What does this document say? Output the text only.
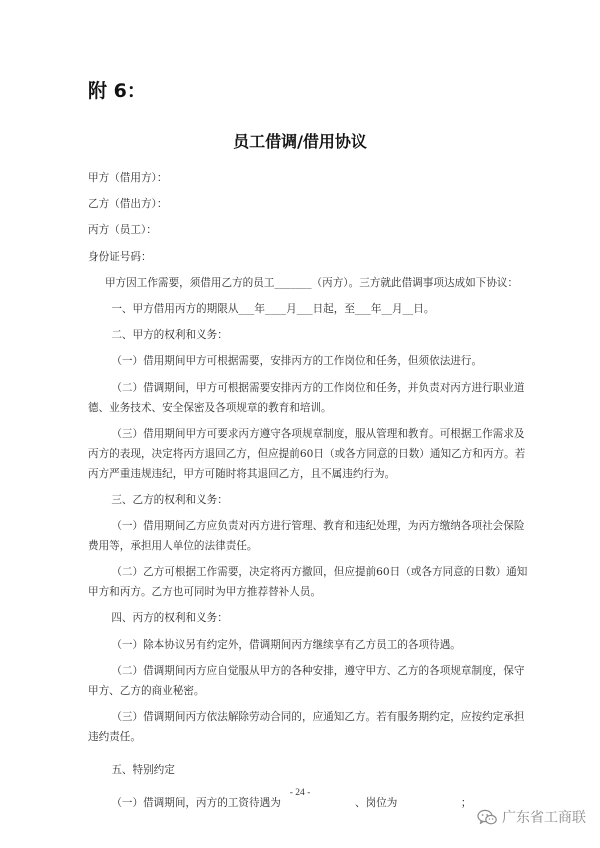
附 6：
员工借调/借用协议

甲方（借用方）：

乙方（借出方）：

丙方（员工）：

身份证号码：

甲方因工作需要，须借用乙方的员工_______（丙方）。三方就此借调事项达成如下协议：

一、甲方借用丙方的期限从___年____月___日起，至___年__月__日。

二、甲方的权利和义务：

（一）借用期间甲方可根据需要，安排丙方的工作岗位和任务，但须依法进行。

（二）借调期间，甲方可根据需要安排丙方的工作岗位和任务，并负责对丙方进行职业道德、业务技术、安全保密及各项规章的教育和培训。

（三）借用期间甲方可要求丙方遵守各项规章制度，服从管理和教育。可根据工作需求及丙方的表现，决定将丙方退回乙方，但应提前60日（或各方同意的日数）通知乙方和丙方。若丙方严重违规违纪，甲方可随时将其退回乙方，且不属违约行为。

三、乙方的权利和义务：

（一）借用期间乙方应负责对丙方进行管理、教育和违纪处理，为丙方缴纳各项社会保险费用等，承担用人单位的法律责任。

（二）乙方可根据工作需要，决定将丙方撤回，但应提前60日（或各方同意的日数）通知甲方和丙方。乙方也可同时为甲方推荐替补人员。

四、丙方的权利和义务：

（一）除本协议另有约定外，借调期间丙方继续享有乙方员工的各项待遇。

（二）借调期间丙方应自觉服从甲方的各种安排，遵守甲方、乙方的各项规章制度，保守甲方、乙方的商业秘密。

（三）借调期间丙方依法解除劳动合同的，应通知乙方。若有服务期约定，应按约定承担违约责任。

五、特别约定

（一）借调期间，丙方的工资待遇为　　　　　　　、岗位为　　　　　　；

- 24 -
广东省工商联
